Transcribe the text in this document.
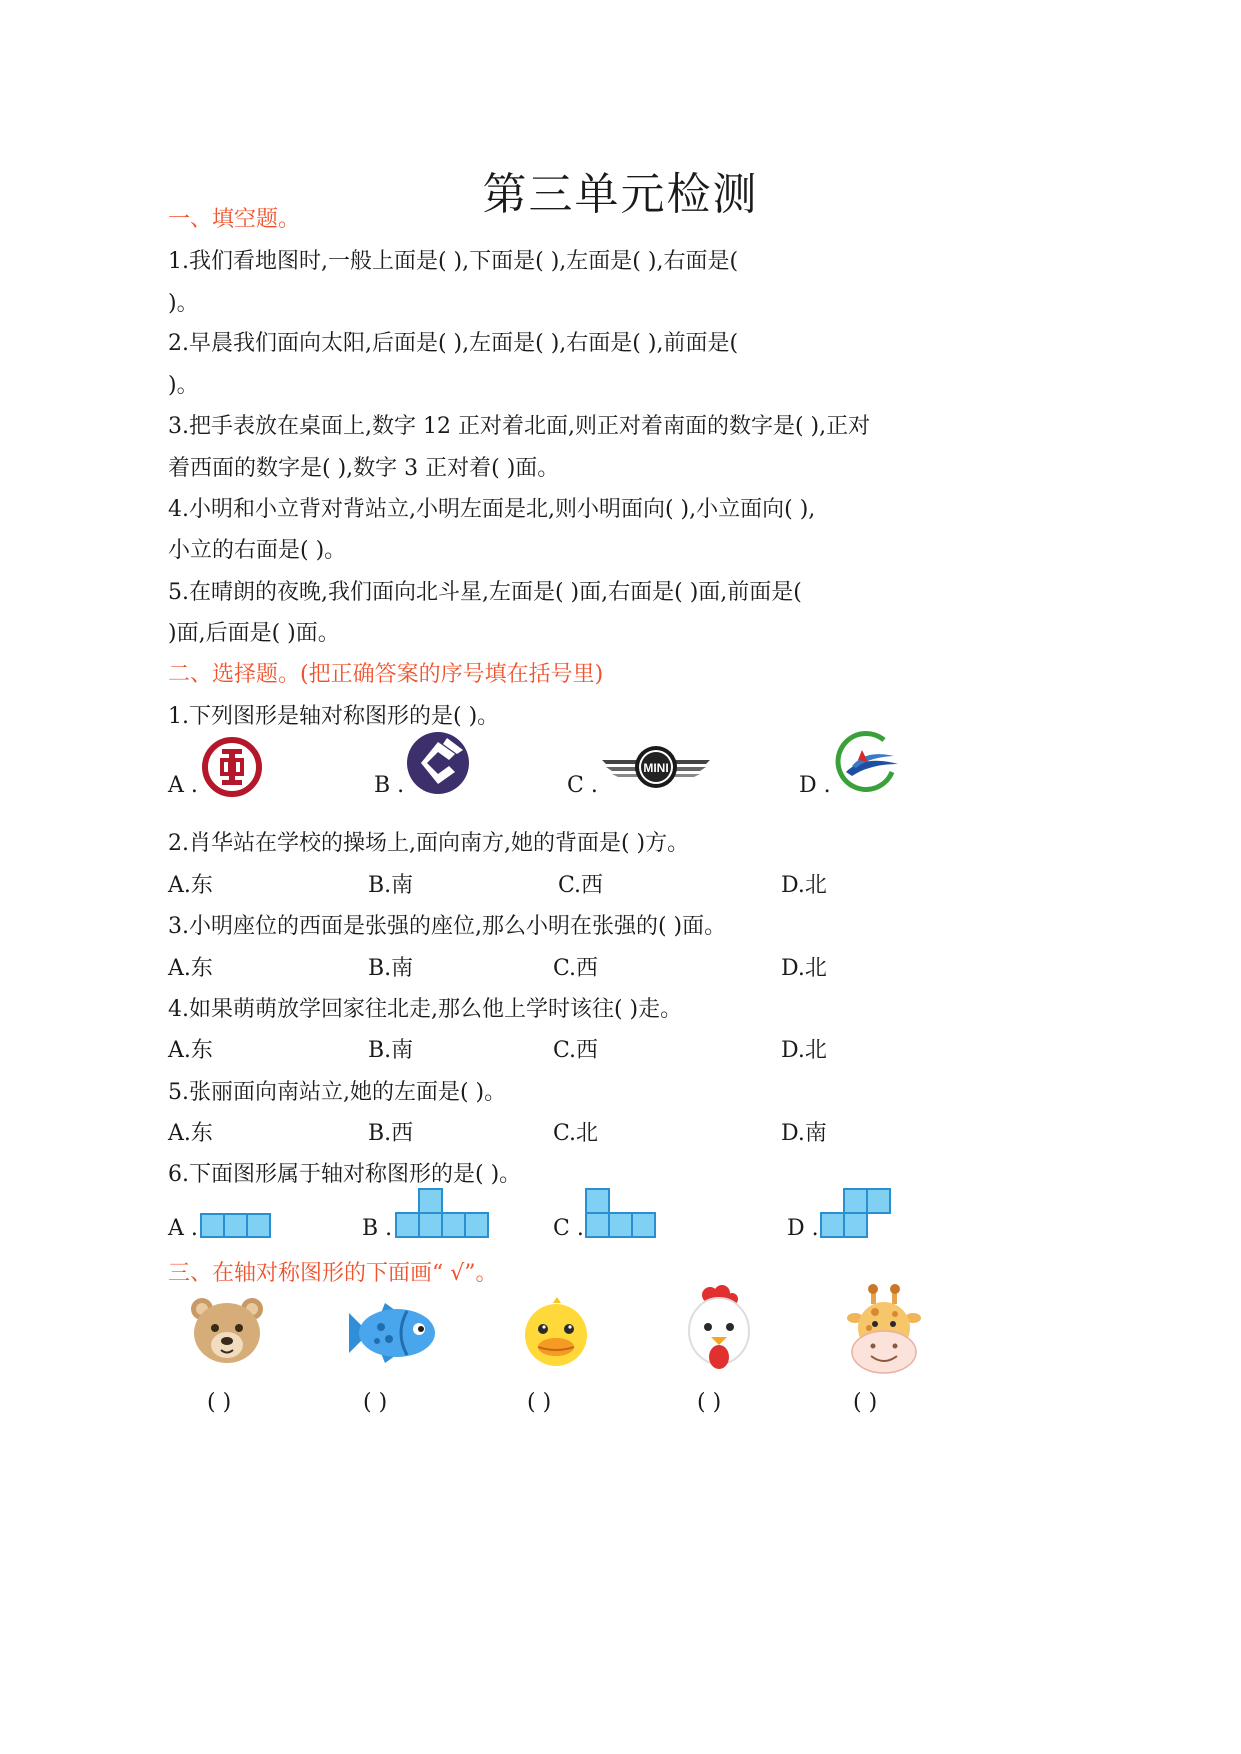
第三单元检测
一、填空题。
1.我们看地图时,一般上面是( ),下面是( ),左面是( ),右面是(
)。
2.早晨我们面向太阳,后面是( ),左面是( ),右面是( ),前面是(
)。
3.把手表放在桌面上,数字 12 正对着北面,则正对着南面的数字是( ),正对
着西面的数字是( ),数字 3 正对着( )面。
4.小明和小立背对背站立,小明左面是北,则小明面向( ),小立面向( ),
小立的右面是( )。
5.在晴朗的夜晚,我们面向北斗星,左面是( )面,右面是( )面,前面是(
)面,后面是( )面。
二、选择题。(把正确答案的序号填在括号里)
1.下列图形是轴对称图形的是( )。
A .	B .	C .
MINI
D .
2.肖华站在学校的操场上,面向南方,她的背面是( )方。
A.东	B.南	C.西	D.北
3.小明座位的西面是张强的座位,那么小明在张强的( )面。
A.东	B.南	C.西	D.北
4.如果萌萌放学回家往北走,那么他上学时该往( )走。
A.东	B.南	C.西	D.北
5.张丽面向南站立,她的左面是( )。
A.东	B.西	C.北	D.南
6.下面图形属于轴对称图形的是( )。
A .	B .	C .	D .
三、在轴对称图形的下面画“ √”。
( )	( )	( )	( )	( )
